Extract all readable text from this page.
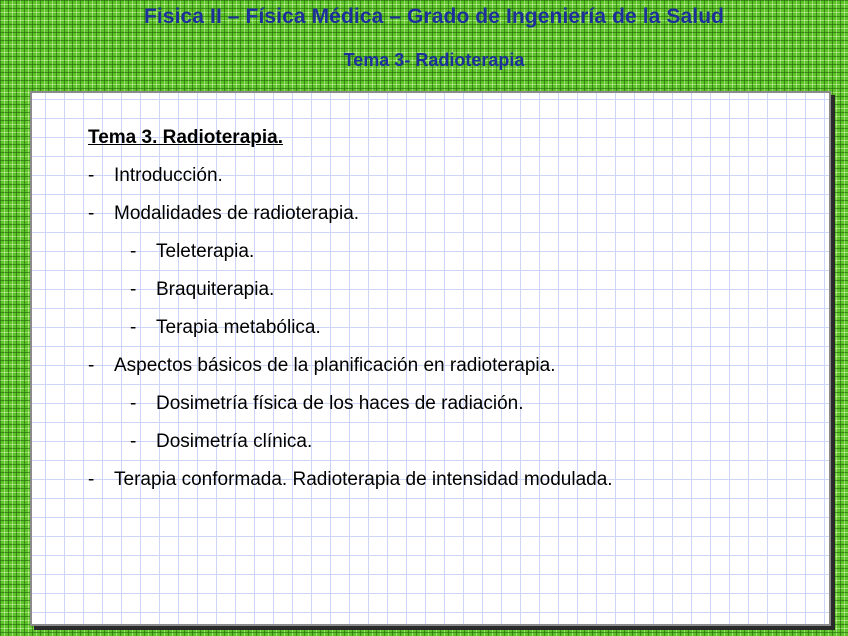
Fisica II – Física Médica – Grado de Ingeniería de la Salud
Tema 3- Radioterapia
Tema 3. Radioterapia.
- Introducción.
- Modalidades de radioterapia.
- Teleterapia.
- Braquiterapia.
- Terapia metabólica.
- Aspectos básicos de la planificación en radioterapia.
- Dosimetría física de los haces de radiación.
- Dosimetría clínica.
- Terapia conformada. Radioterapia de intensidad modulada.
